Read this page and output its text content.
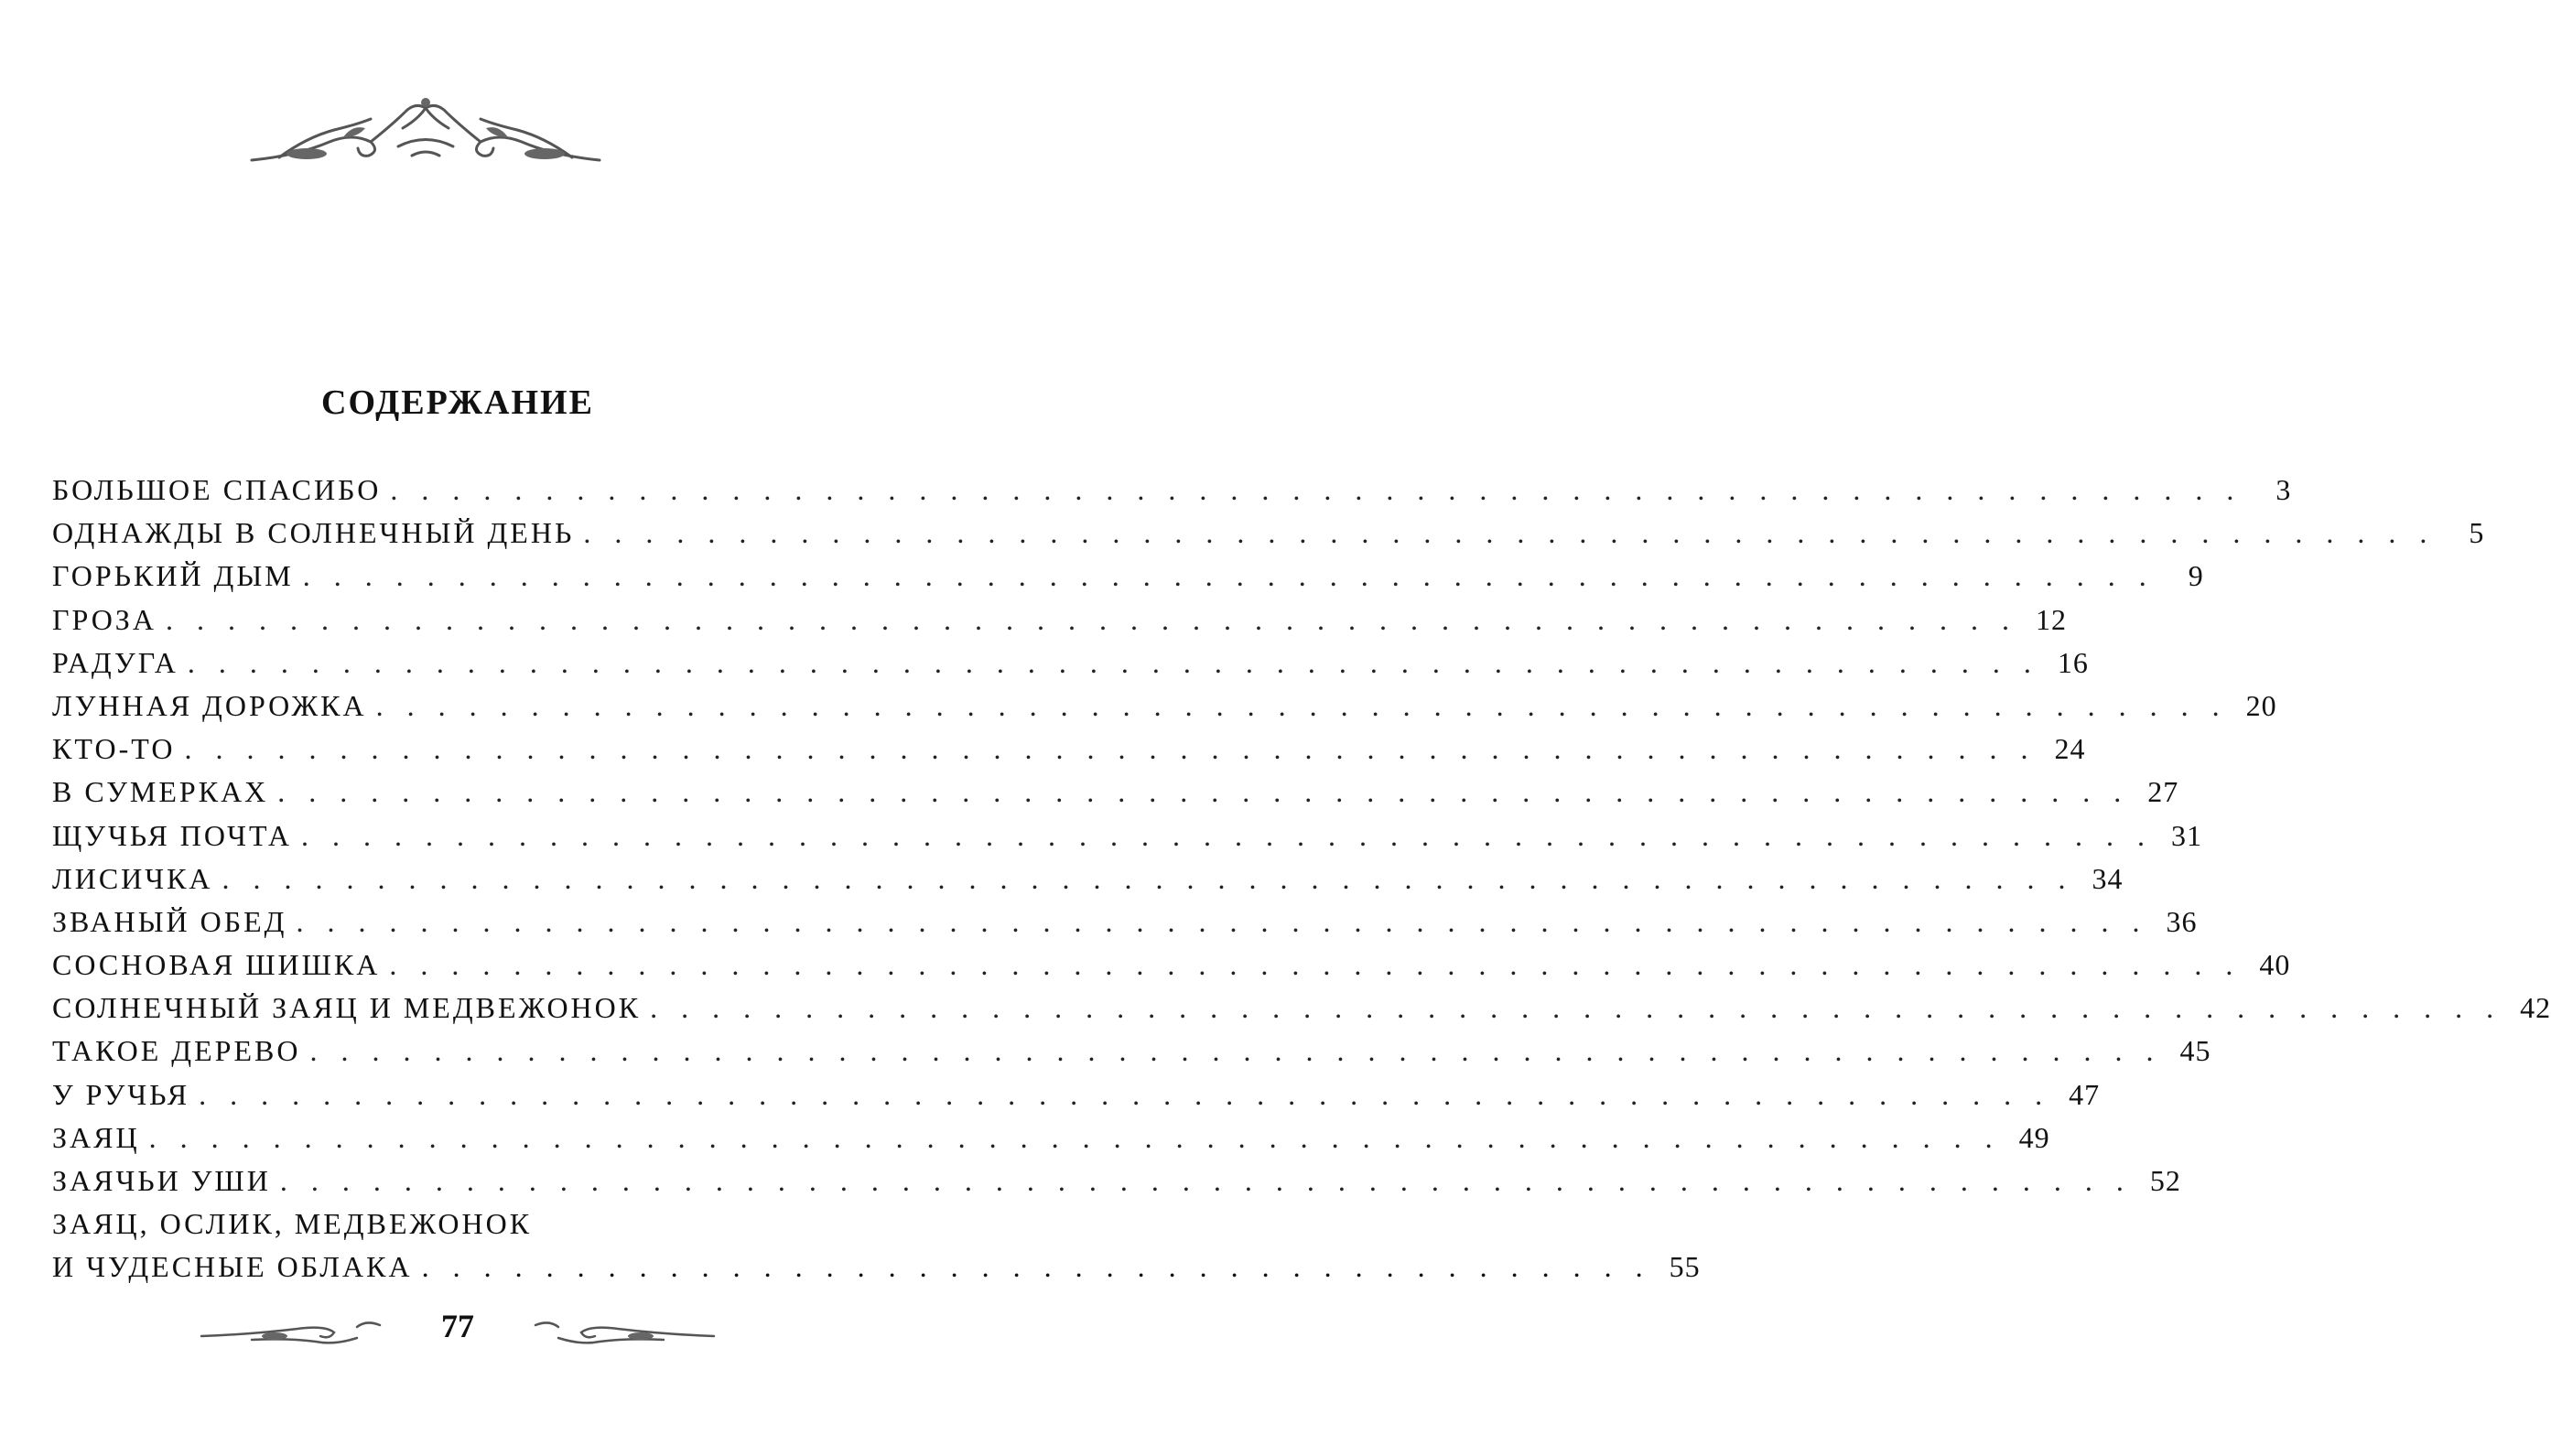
СОДЕРЖАНИЕ
БОЛЬШОЕ СПАСИБО . . . . . . . . . . . . . . . . . . . . . . . . . . . . . . . . . . . . . . . . . . . . . . . . . . . . . . . . . . . .	3
ОДНАЖДЫ В СОЛНЕЧНЫЙ ДЕНЬ . . . . . . . . . . . . . . . . . . . . . . . . . . . . . . . . . . . . . . . . . . . . . . . . . . . . . . . . . . . .	5
ГОРЬКИЙ ДЫМ . . . . . . . . . . . . . . . . . . . . . . . . . . . . . . . . . . . . . . . . . . . . . . . . . . . . . . . . . . . .	9
ГРОЗА . . . . . . . . . . . . . . . . . . . . . . . . . . . . . . . . . . . . . . . . . . . . . . . . . . . . . . . . . . . . 12
РАДУГА . . . . . . . . . . . . . . . . . . . . . . . . . . . . . . . . . . . . . . . . . . . . . . . . . . . . . . . . . . . . 16
ЛУННАЯ ДОРОЖКА . . . . . . . . . . . . . . . . . . . . . . . . . . . . . . . . . . . . . . . . . . . . . . . . . . . . . . . . . . . . 20
КТО-ТО . . . . . . . . . . . . . . . . . . . . . . . . . . . . . . . . . . . . . . . . . . . . . . . . . . . . . . . . . . . . 24
В СУМЕРКАХ . . . . . . . . . . . . . . . . . . . . . . . . . . . . . . . . . . . . . . . . . . . . . . . . . . . . . . . . . . . . 27
ЩУЧЬЯ ПОЧТА . . . . . . . . . . . . . . . . . . . . . . . . . . . . . . . . . . . . . . . . . . . . . . . . . . . . . . . . . . . . 31
ЛИСИЧКА . . . . . . . . . . . . . . . . . . . . . . . . . . . . . . . . . . . . . . . . . . . . . . . . . . . . . . . . . . . . 34
ЗВАНЫЙ ОБЕД . . . . . . . . . . . . . . . . . . . . . . . . . . . . . . . . . . . . . . . . . . . . . . . . . . . . . . . . . . . . 36
СОСНОВАЯ ШИШКА . . . . . . . . . . . . . . . . . . . . . . . . . . . . . . . . . . . . . . . . . . . . . . . . . . . . . . . . . . . . 40
СОЛНЕЧНЫЙ ЗАЯЦ И МЕДВЕЖОНОК . . . . . . . . . . . . . . . . . . . . . . . . . . . . . . . . . . . . . . . . . . . . . . . . . . . . . . . . . . . . 42
ТАКОЕ ДЕРЕВО . . . . . . . . . . . . . . . . . . . . . . . . . . . . . . . . . . . . . . . . . . . . . . . . . . . . . . . . . . . . 45
У РУЧЬЯ . . . . . . . . . . . . . . . . . . . . . . . . . . . . . . . . . . . . . . . . . . . . . . . . . . . . . . . . . . . . 47
ЗАЯЦ . . . . . . . . . . . . . . . . . . . . . . . . . . . . . . . . . . . . . . . . . . . . . . . . . . . . . . . . . . . . 49
ЗАЯЧЬИ УШИ . . . . . . . . . . . . . . . . . . . . . . . . . . . . . . . . . . . . . . . . . . . . . . . . . . . . . . . . . . . . 52
ЗАЯЦ, ОСЛИК, МЕДВЕЖОНОК
И ЧУДЕСНЫЕ ОБЛАКА . . . . . . . . . . . . . . . . . . . . . . . . . . . . . . . . . . . . . . . . 55
77
